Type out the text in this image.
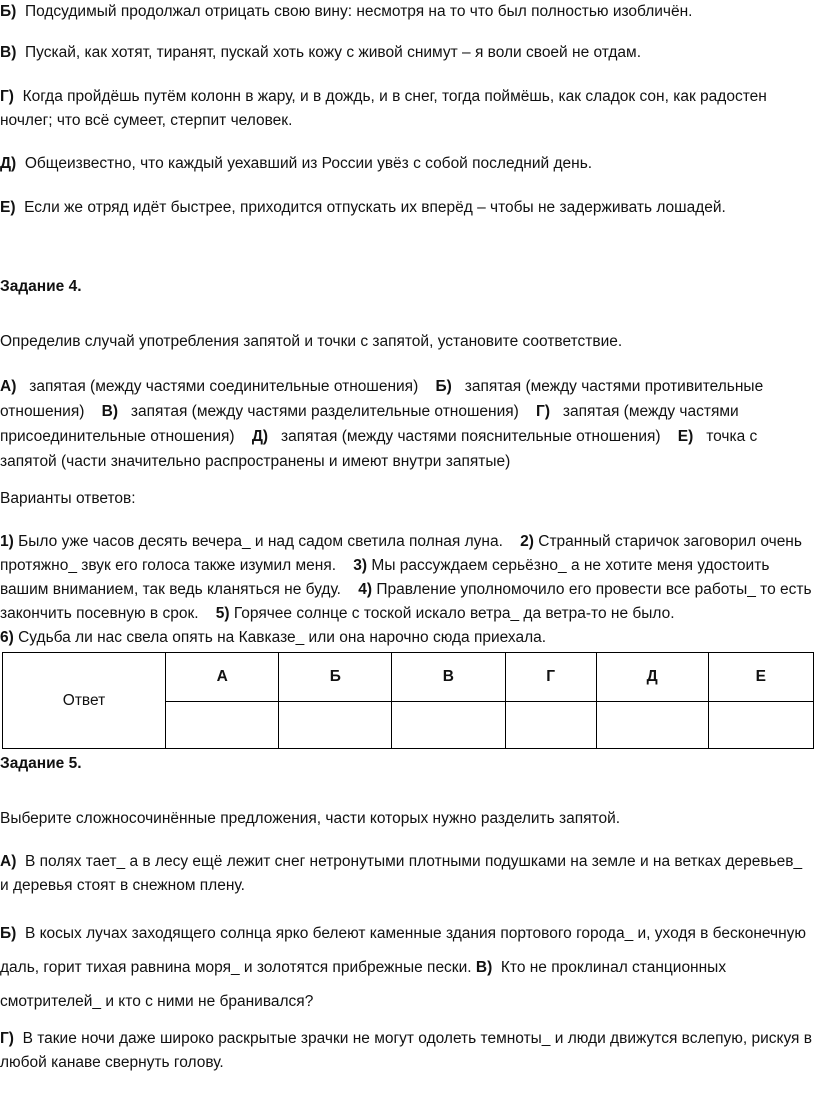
Б) Подсудимый продолжал отрицать свою вину: несмотря на то что был полностью изобличён.

В) Пускай, как хотят, тиранят, пускай хоть кожу с живой снимут – я воли своей не отдам.

Г) Когда пройдёшь путём колонн в жару, и в дождь, и в снег, тогда поймёшь, как сладок сон, как радостен ночлег; что всё сумеет, стерпит человек.

Д) Общеизвестно, что каждый уехавший из России увёз с собой последний день.

Е) Если же отряд идёт быстрее, приходится отпускать их вперёд – чтобы не задерживать лошадей.

Задание 4.

Определив случай употребления запятой и точки с запятой, установите соответствие.

А) запятая (между частями соединительные отношения) Б) запятая (между частями противительные отношения) В) запятая (между частями разделительные отношения) Г) запятая (между частями присоединительные отношения) Д) запятая (между частями пояснительные отношения) Е) точка с запятой (части значительно распространены и имеют внутри запятые)

Варианты ответов:

1) Было уже часов десять вечера_ и над садом светила полная луна. 2) Странный старичок заговорил очень протяжно_ звук его голоса также изумил меня. 3) Мы рассуждаем серьёзно_ а не хотите меня удостоить вашим вниманием, так ведь кланяться не буду. 4) Правление уполномочило его провести все работы_ то есть закончить посевную в срок. 5) Горячее солнце с тоской искало ветра_ да ветра-то не было.
6) Судьба ли нас свела опять на Кавказе_ или она нарочно сюда приехала.

Ответ	А	Б	В	Г	Д	Е

Задание 5.

Выберите сложносочинённые предложения, части которых нужно разделить запятой.

А) В полях тает_ а в лесу ещё лежит снег нетронутыми плотными подушками на земле и на ветках деревьев_ и деревья стоят в снежном плену.

Б) В косых лучах заходящего солнца ярко белеют каменные здания портового города_ и, уходя в бесконечную даль, горит тихая равнина моря_ и золотятся прибрежные пески. В) Кто не проклинал станционных смотрителей_ и кто с ними не бранивался?

Г) В такие ночи даже широко раскрытые зрачки не могут одолеть темноты_ и люди движутся вслепую, рискуя в любой канаве свернуть голову.
